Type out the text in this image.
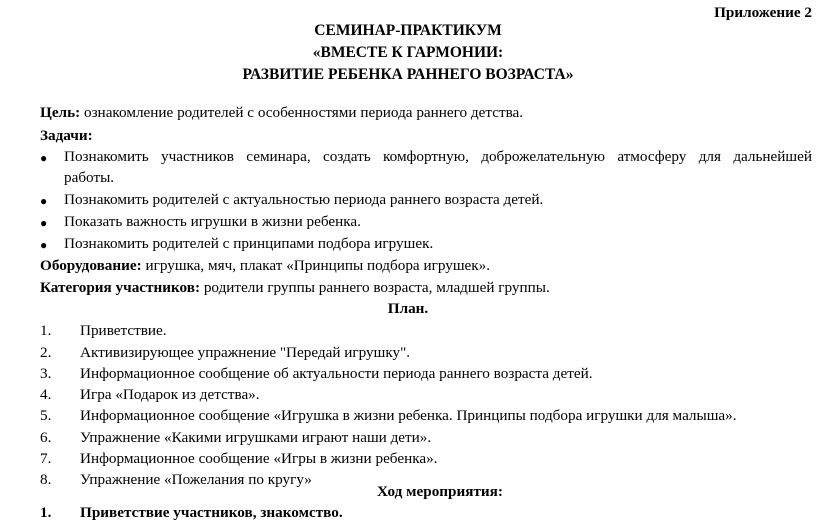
Приложение 2
СЕМИНАР-ПРАКТИКУМ
«ВМЕСТЕ К ГАРМОНИИ:
РАЗВИТИЕ РЕБЕНКА РАННЕГО ВОЗРАСТА»
Цель: ознакомление родителей с особенностями периода раннего детства.
Задачи:
● Познакомить участников семинара, создать комфортную, доброжелательную атмосферу для дальнейшей
работы.
● Познакомить родителей с актуальностью периода раннего возраста детей.
● Показать важность игрушки в жизни ребенка.
● Познакомить родителей с принципами подбора игрушек.
Оборудование: игрушка, мяч, плакат «Принципы подбора игрушек».
Категория участников: родители группы раннего возраста, младшей группы.
План.
1. Приветствие.
2. Активизирующее упражнение "Передай игрушку".
3. Информационное сообщение об актуальности периода раннего возраста детей.
4. Игра «Подарок из детства».
5. Информационное сообщение «Игрушка в жизни ребенка. Принципы подбора игрушки для малыша».
6. Упражнение «Какими игрушками играют наши дети».
7. Информационное сообщение «Игры в жизни ребенка».
8. Упражнение «Пожелания по кругу»
Ход мероприятия:
1. Приветствие участников, знакомство.
